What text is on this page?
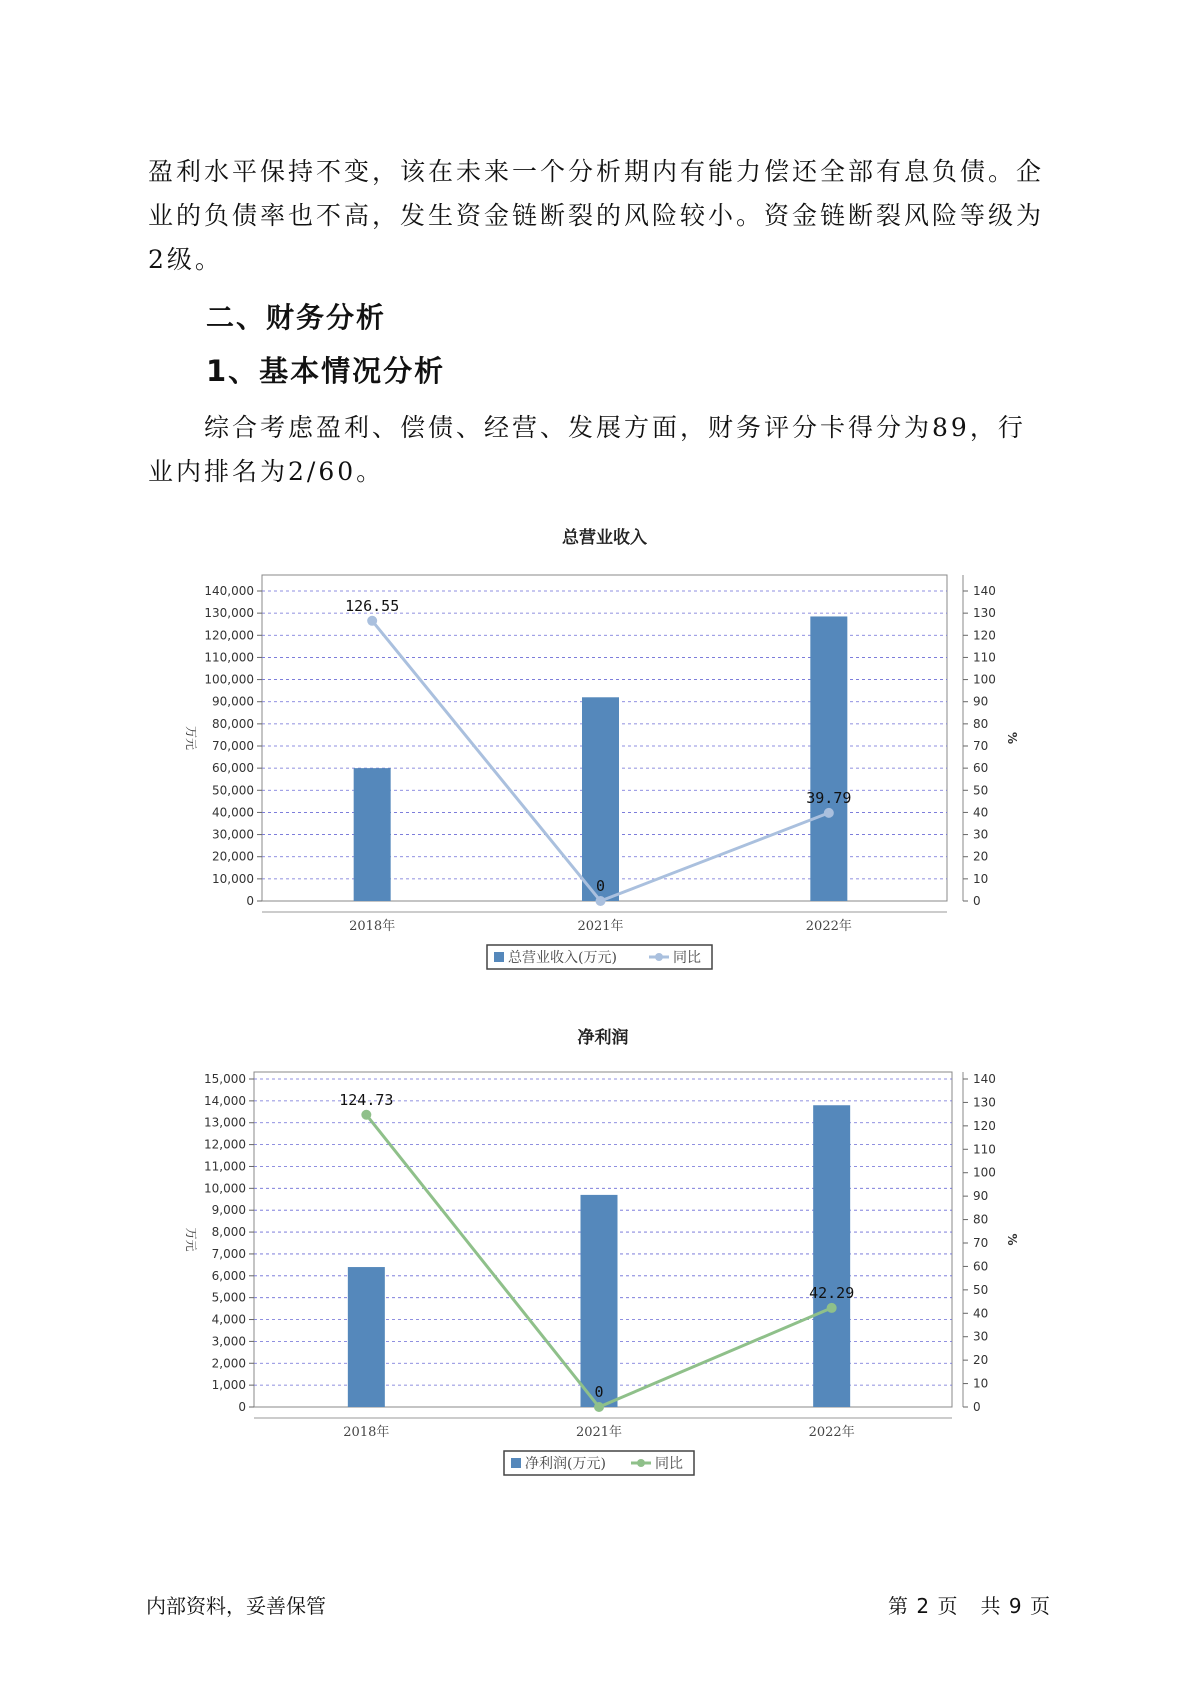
盈利水平保持不变，该在未来一个分析期内有能力偿还全部有息负债。企业的负债率也不高，发生资金链断裂的风险较小。资金链断裂风险等级为2级。

二、财务分析
1、基本情况分析

综合考虑盈利、偿债、经营、发展方面，财务评分卡得分为89，行业内排名为2/60。

总营业收入
0
10,000
20,000
30,000
40,000
50,000
60,000
70,000
80,000
90,000
100,000
110,000
120,000
130,000
140,000
0
10
20
30
40
50
60
70
80
90
100
110
120
130
140
万元	%
2018年	2021年	2022年
126.55
0
39.79
总营业收入(万元)	同比
净利润
0
1,000
2,000
3,000
4,000
5,000
6,000
7,000
8,000
9,000
10,000
11,000
12,000
13,000
14,000
15,000
0
10
20
30
40
50
60
70
80
90
100
110
120
130
140
万元	%
2018年	2021年	2022年
124.73
0
42.29
净利润(万元)	同比
内部资料，妥善保管	第 2 页 共 9 页
